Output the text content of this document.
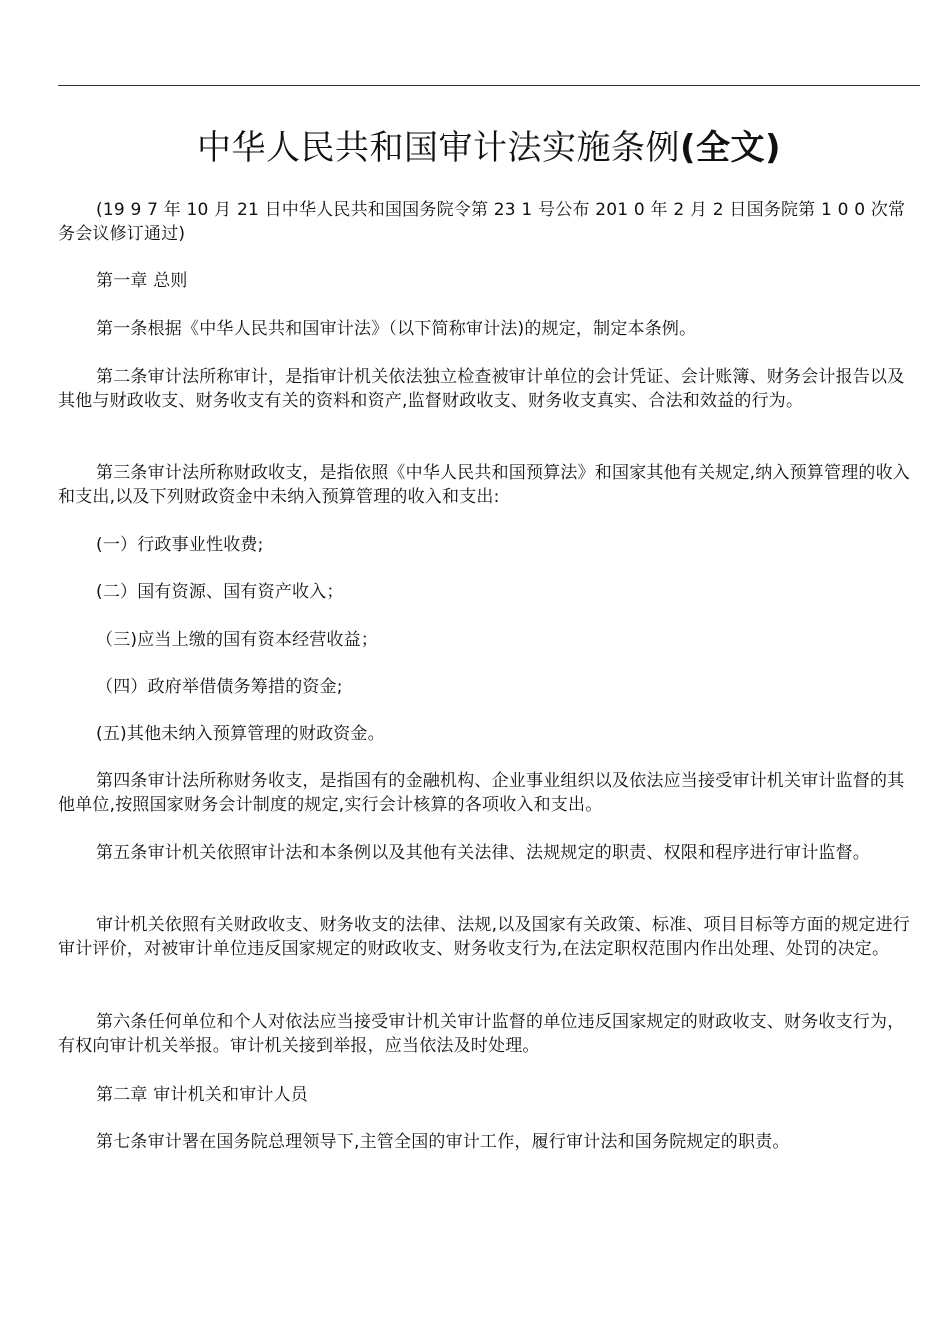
中华人民共和国审计法实施条例(全文)

(19 9 7 年 10 月 21 日中华人民共和国国务院令第 23 1 号公布 201 0 年 2 月 2 日国务院第 1 0 0 次常务会议修订通过)

第一章 总则

第一条根据《中华人民共和国审计法》（以下简称审计法)的规定，制定本条例。

第二条审计法所称审计，是指审计机关依法独立检查被审计单位的会计凭证、会计账簿、财务会计报告以及其他与财政收支、财务收支有关的资料和资产,监督财政收支、财务收支真实、合法和效益的行为。

第三条审计法所称财政收支，是指依照《中华人民共和国预算法》和国家其他有关规定,纳入预算管理的收入和支出,以及下列财政资金中未纳入预算管理的收入和支出:

(一）行政事业性收费;

(二）国有资源、国有资产收入；

（三)应当上缴的国有资本经营收益；

（四）政府举借债务筹措的资金;

(五)其他未纳入预算管理的财政资金。

第四条审计法所称财务收支，是指国有的金融机构、企业事业组织以及依法应当接受审计机关审计监督的其他单位,按照国家财务会计制度的规定,实行会计核算的各项收入和支出。

第五条审计机关依照审计法和本条例以及其他有关法律、法规规定的职责、权限和程序进行审计监督。

审计机关依照有关财政收支、财务收支的法律、法规,以及国家有关政策、标准、项目目标等方面的规定进行审计评价，对被审计单位违反国家规定的财政收支、财务收支行为,在法定职权范围内作出处理、处罚的决定。

第六条任何单位和个人对依法应当接受审计机关审计监督的单位违反国家规定的财政收支、财务收支行为，有权向审计机关举报。审计机关接到举报，应当依法及时处理。

第二章 审计机关和审计人员

第七条审计署在国务院总理领导下,主管全国的审计工作，履行审计法和国务院规定的职责。
